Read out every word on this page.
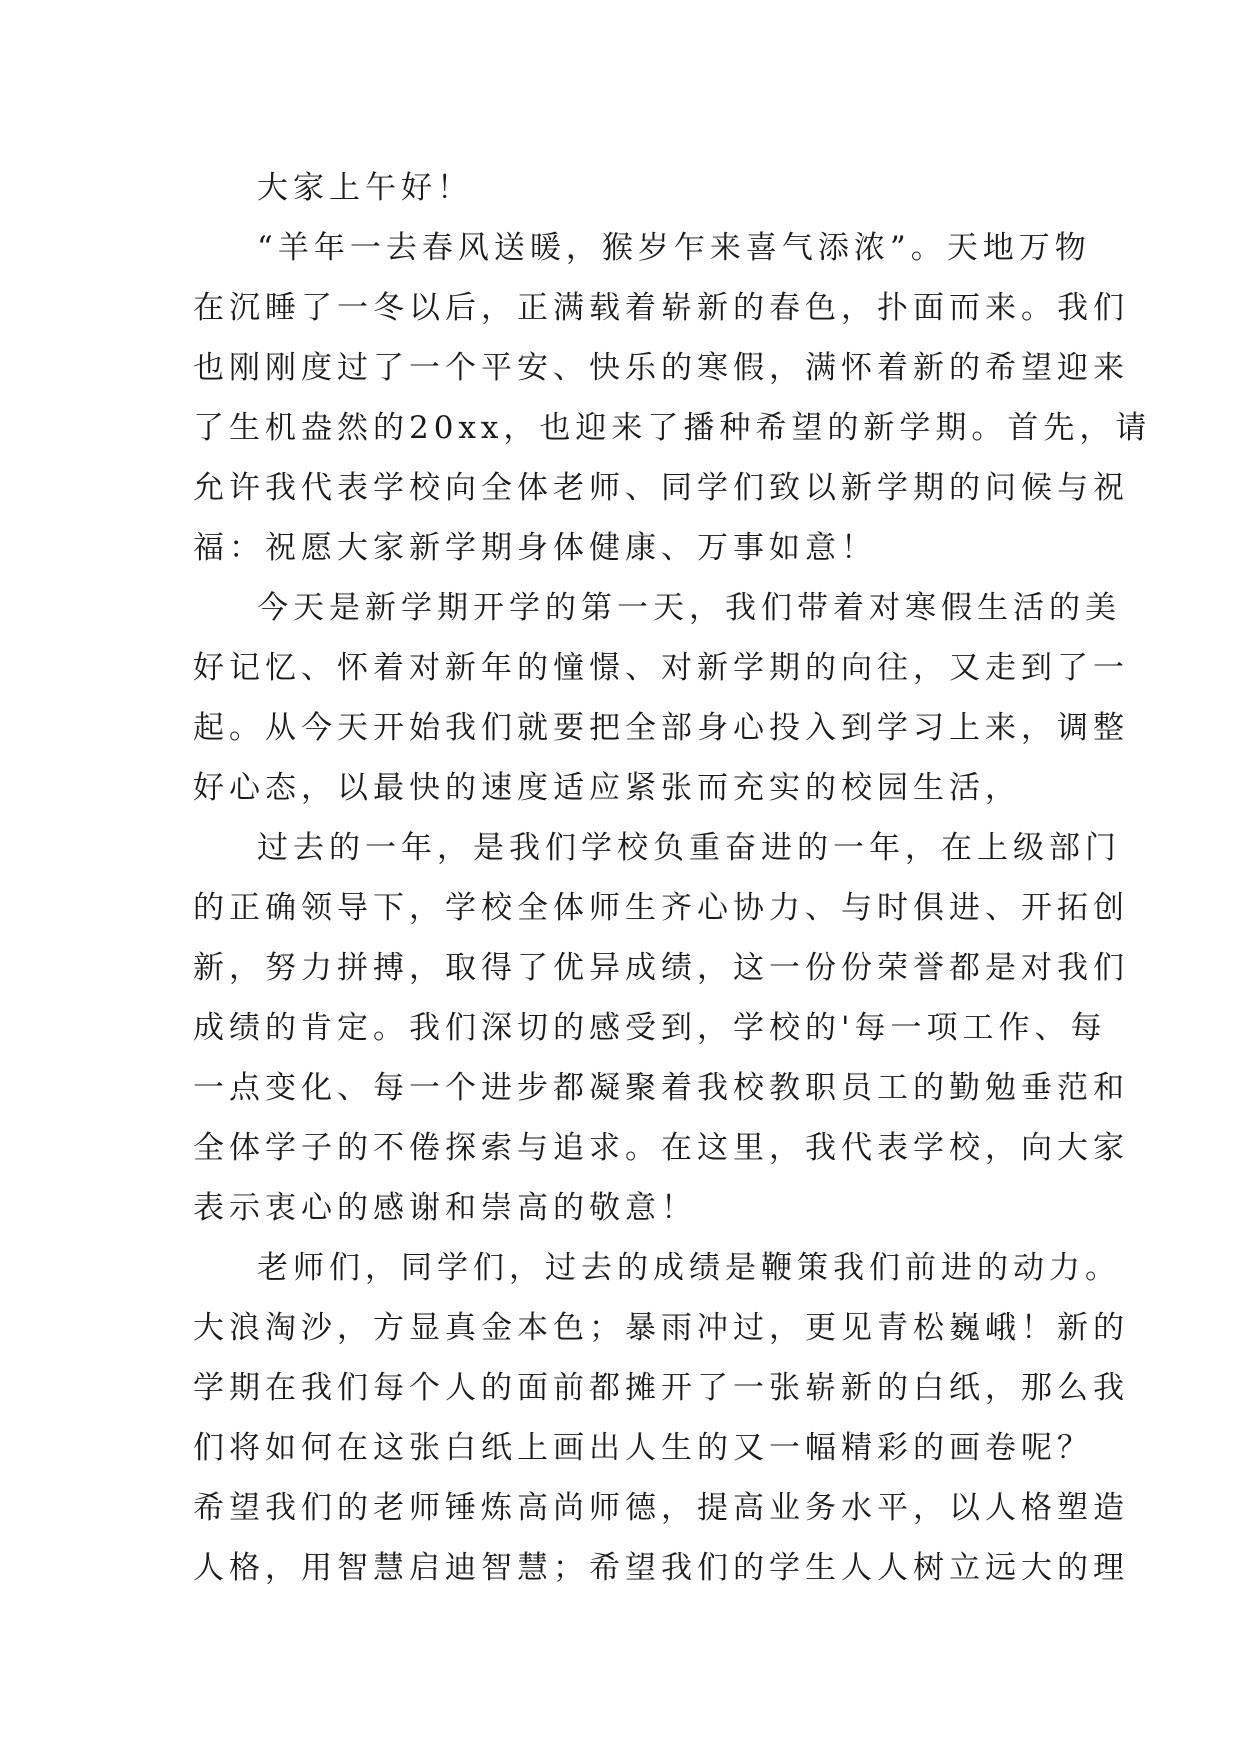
大家上午好！
“羊年一去春风送暖，猴岁乍来喜气添浓”。天地万物
在沉睡了一冬以后，正满载着崭新的春色，扑面而来。我们
也刚刚度过了一个平安、快乐的寒假，满怀着新的希望迎来
了生机盎然的20xx，也迎来了播种希望的新学期。首先，请
允许我代表学校向全体老师、同学们致以新学期的问候与祝
福：祝愿大家新学期身体健康、万事如意！
今天是新学期开学的第一天，我们带着对寒假生活的美
好记忆、怀着对新年的憧憬、对新学期的向往，又走到了一
起。从今天开始我们就要把全部身心投入到学习上来，调整
好心态，以最快的速度适应紧张而充实的校园生活，
过去的一年，是我们学校负重奋进的一年，在上级部门
的正确领导下，学校全体师生齐心协力、与时俱进、开拓创
新，努力拼搏，取得了优异成绩，这一份份荣誉都是对我们
成绩的肯定。我们深切的感受到，学校的'每一项工作、每
一点变化、每一个进步都凝聚着我校教职员工的勤勉垂范和
全体学子的不倦探索与追求。在这里，我代表学校，向大家
表示衷心的感谢和崇高的敬意！
老师们，同学们，过去的成绩是鞭策我们前进的动力。
大浪淘沙，方显真金本色；暴雨冲过，更见青松巍峨！新的
学期在我们每个人的面前都摊开了一张崭新的白纸，那么我
们将如何在这张白纸上画出人生的又一幅精彩的画卷呢？
希望我们的老师锤炼高尚师德，提高业务水平，以人格塑造
人格，用智慧启迪智慧；希望我们的学生人人树立远大的理
